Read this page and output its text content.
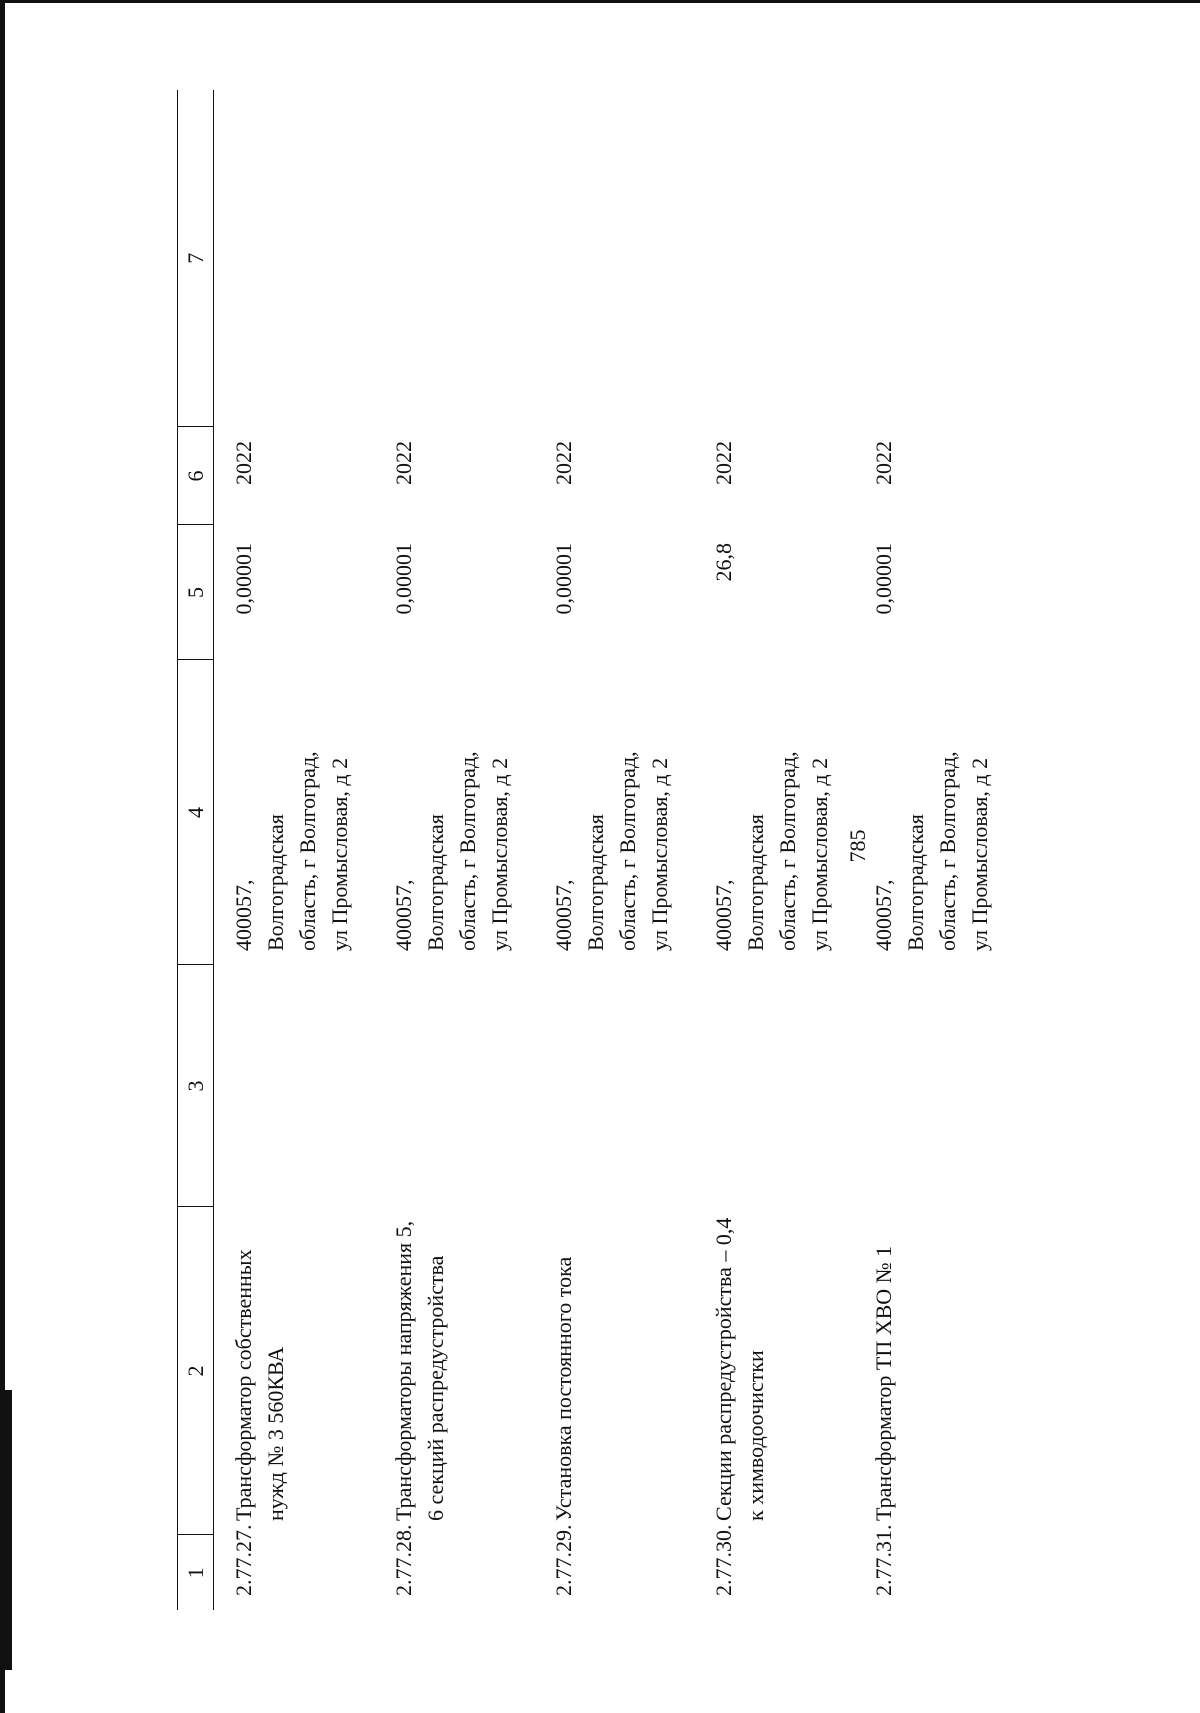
785
1	2	3	4	5	6	7
2.77.27.	Трансформатор собственных нужд № 3 560КВА		400057,
Волгоградская
область, г Волгоград,
ул Промысловая, д 2	0,00001	2022	
2.77.28.	Трансформаторы напряжения 5, 6 секций распредустройства		400057,
Волгоградская
область, г Волгоград,
ул Промысловая, д 2	0,00001	2022	
2.77.29.	Установка постоянного тока		400057,
Волгоградская
область, г Волгоград,
ул Промысловая, д 2	0,00001	2022	
2.77.30.	Секции распредустройства – 0,4 к химводоочистки		400057,
Волгоградская
область, г Волгоград,
ул Промысловая, д 2	26,8	2022	
2.77.31.	Трансформатор ТП ХВО № 1		400057,
Волгоградская
область, г Волгоград,
ул Промысловая, д 2	0,00001	2022	
